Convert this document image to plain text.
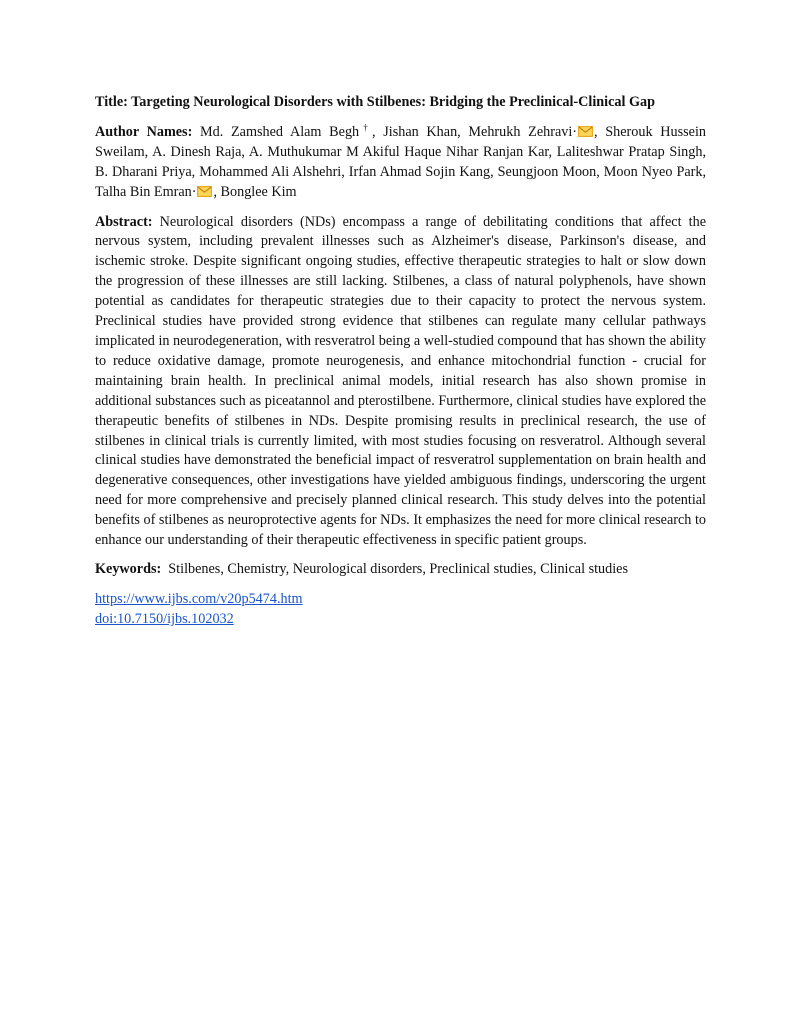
Title: Targeting Neurological Disorders with Stilbenes: Bridging the Preclinical-Clinical Gap

Author Names: Md. Zamshed Alam Begh†, Jishan Khan, Mehrukh Zehravi· , Sherouk Hussein Sweilam, A. Dinesh Raja, A. Muthukumar M Akiful Haque Nihar Ranjan Kar, Laliteshwar Pratap Singh, B. Dharani Priya, Mohammed Ali Alshehri, Irfan Ahmad Sojin Kang, Seungjoon Moon, Moon Nyeo Park, Talha Bin Emran· , Bonglee Kim

Abstract: Neurological disorders (NDs) encompass a range of debilitating conditions that affect the nervous system, including prevalent illnesses such as Alzheimer's disease, Parkinson's disease, and ischemic stroke. Despite significant ongoing studies, effective therapeutic strategies to halt or slow down the progression of these illnesses are still lacking. Stilbenes, a class of natural polyphenols, have shown potential as candidates for therapeutic strategies due to their capacity to protect the nervous system. Preclinical studies have provided strong evidence that stilbenes can regulate many cellular pathways implicated in neurodegeneration, with resveratrol being a well-studied compound that has shown the ability to reduce oxidative damage, promote neurogenesis, and enhance mitochondrial function - crucial for maintaining brain health. In preclinical animal models, initial research has also shown promise in additional substances such as piceatannol and pterostilbene. Furthermore, clinical studies have explored the therapeutic benefits of stilbenes in NDs. Despite promising results in preclinical research, the use of stilbenes in clinical trials is currently limited, with most studies focusing on resveratrol. Although several clinical studies have demonstrated the beneficial impact of resveratrol supplementation on brain health and degenerative consequences, other investigations have yielded ambiguous findings, underscoring the urgent need for more comprehensive and precisely planned clinical research. This study delves into the potential benefits of stilbenes as neuroprotective agents for NDs. It emphasizes the need for more clinical research to enhance our understanding of their therapeutic effectiveness in specific patient groups.

Keywords: Stilbenes, Chemistry, Neurological disorders, Preclinical studies, Clinical studies

https://www.ijbs.com/v20p5474.htm
doi:10.7150/ijbs.102032
